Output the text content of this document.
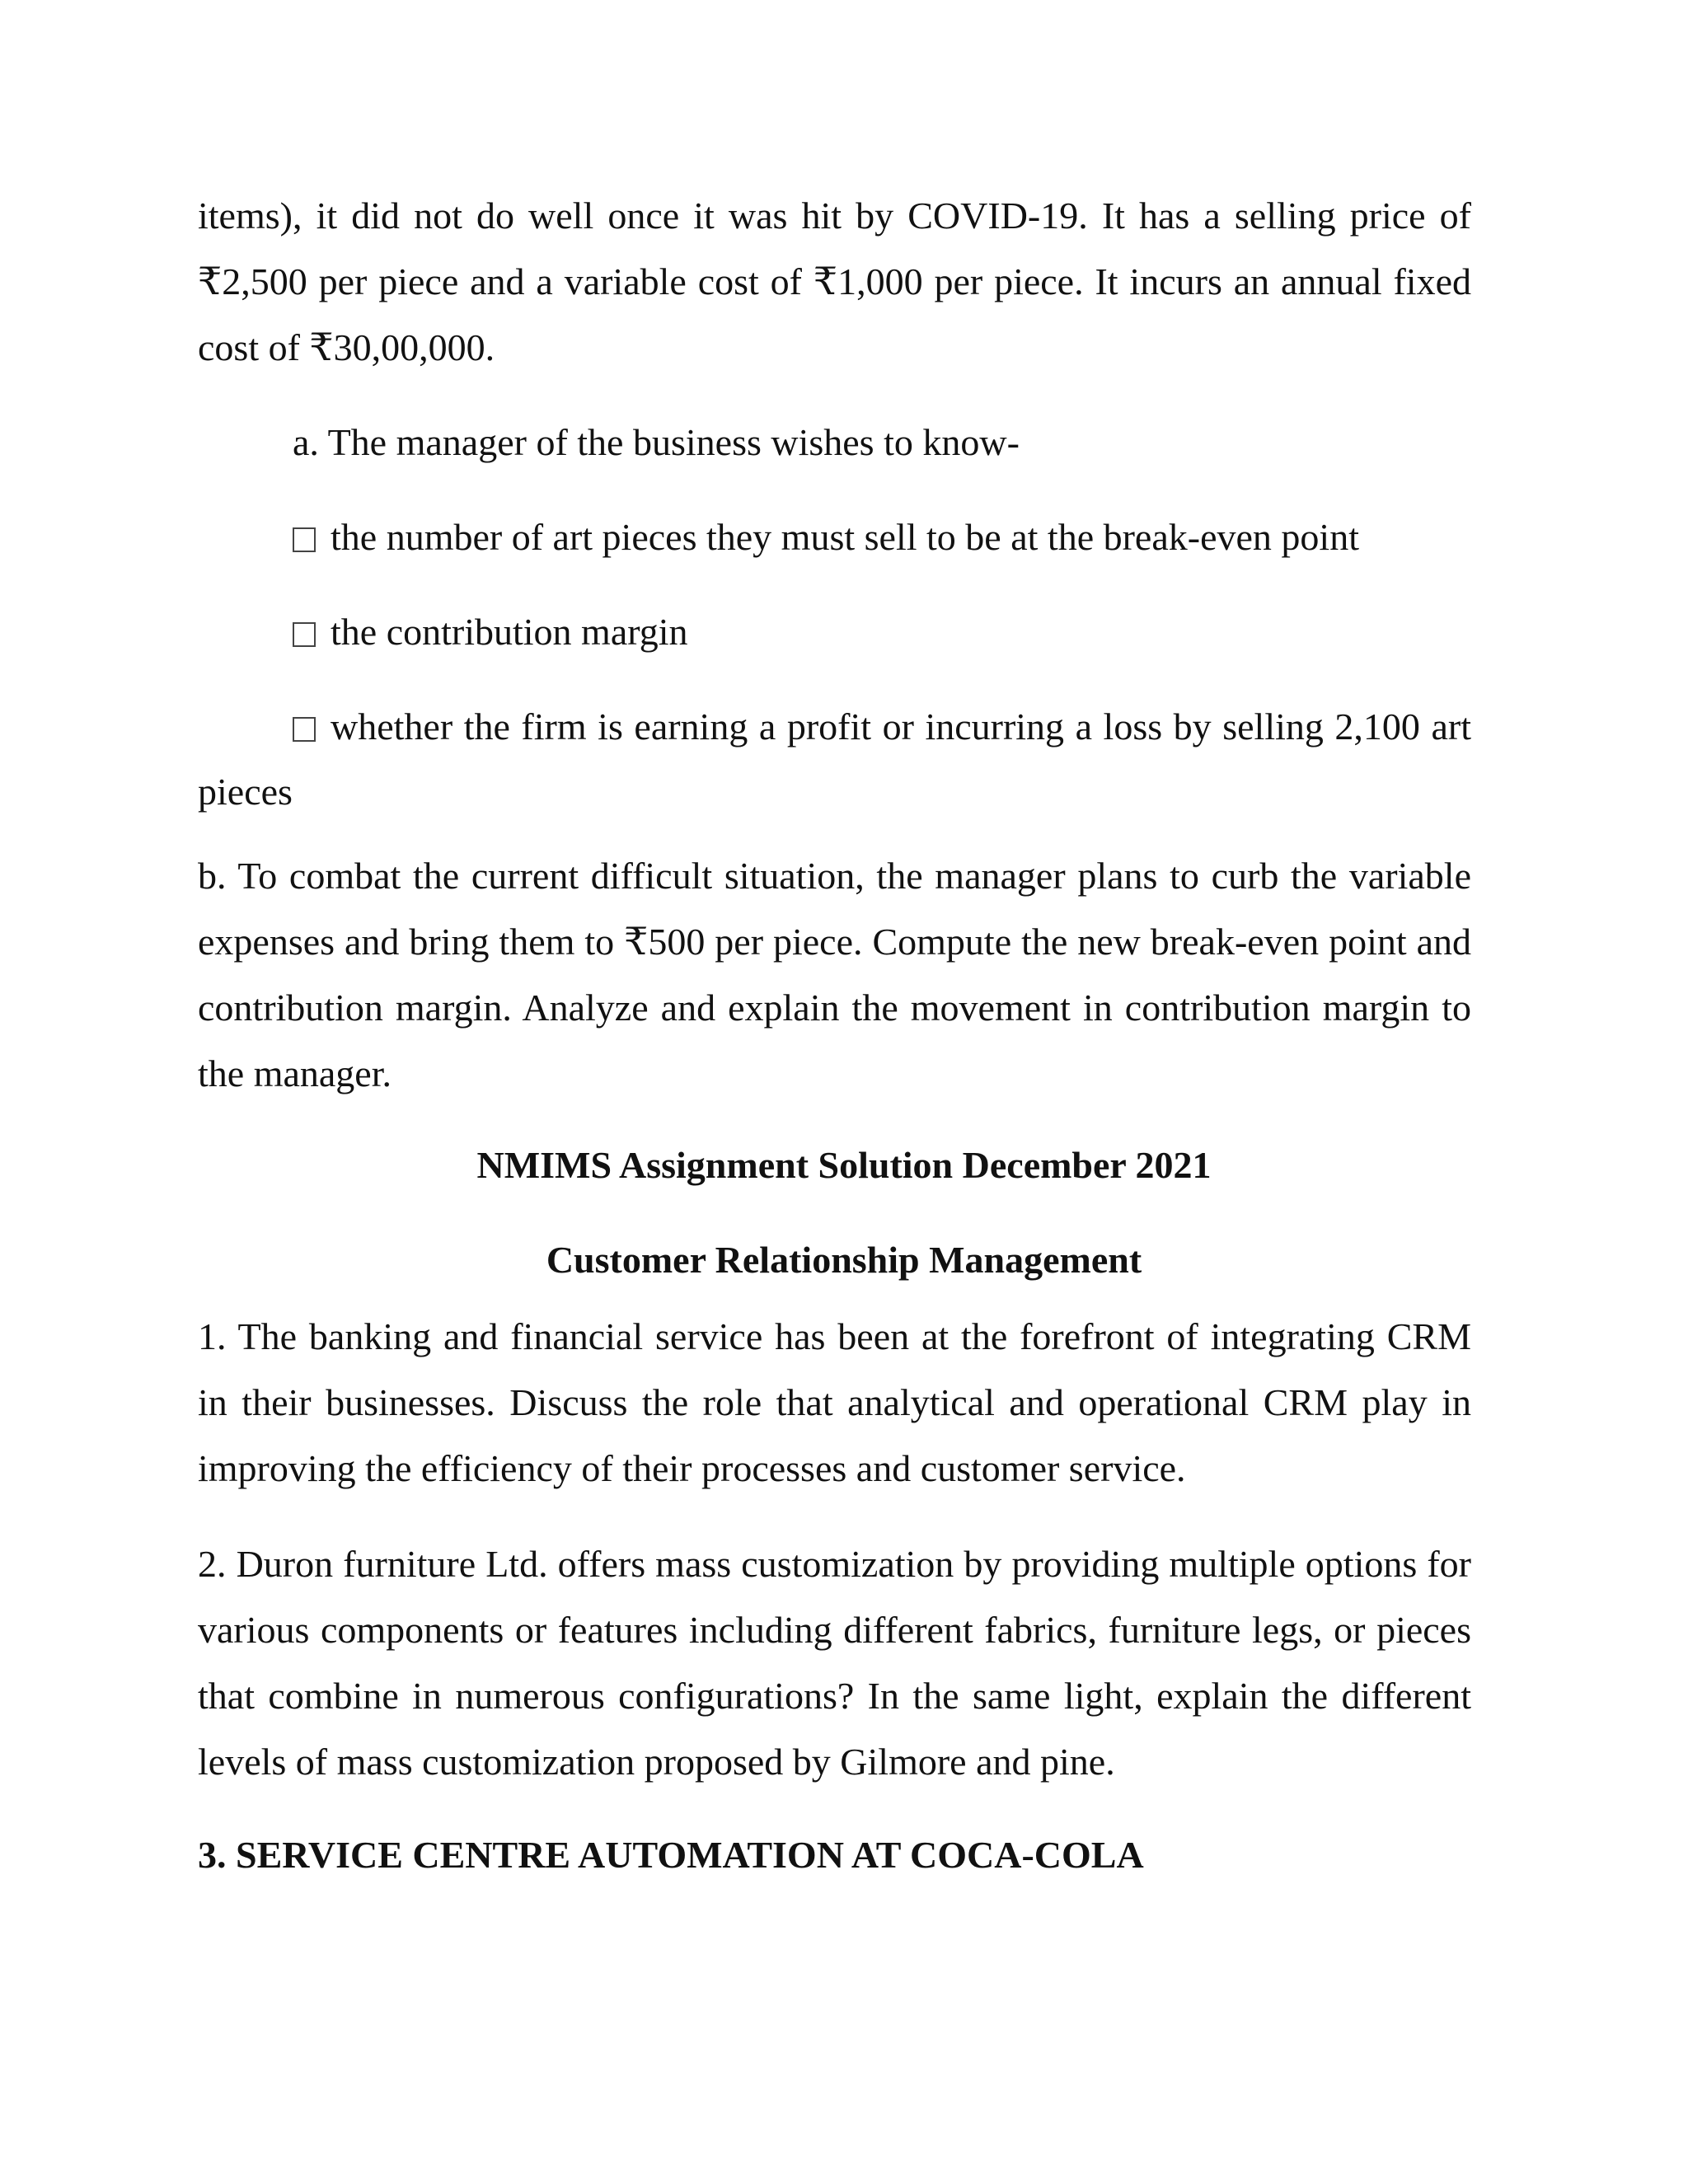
items), it did not do well once it was hit by COVID-19. It has a selling price of ₹2,500 per piece and a variable cost of ₹1,000 per piece. It incurs an annual fixed cost of ₹30,00,000.

a. The manager of the business wishes to know-

the number of art pieces they must sell to be at the break-even point

the contribution margin

whether the firm is earning a profit or incurring a loss by selling 2,100 art

pieces

b. To combat the current difficult situation, the manager plans to curb the variable expenses and bring them to ₹500 per piece. Compute the new break-even point and contribution margin. Analyze and explain the movement in contribution margin to the manager.

NMIMS Assignment Solution December 2021

Customer Relationship Management

1. The banking and financial service has been at the forefront of integrating CRM in their businesses. Discuss the role that analytical and operational CRM play in improving the efficiency of their processes and customer service.

2. Duron furniture Ltd. offers mass customization by providing multiple options for various components or features including different fabrics, furniture legs, or pieces that combine in numerous configurations? In the same light, explain the different levels of mass customization proposed by Gilmore and pine.

3. SERVICE CENTRE AUTOMATION AT COCA-COLA
